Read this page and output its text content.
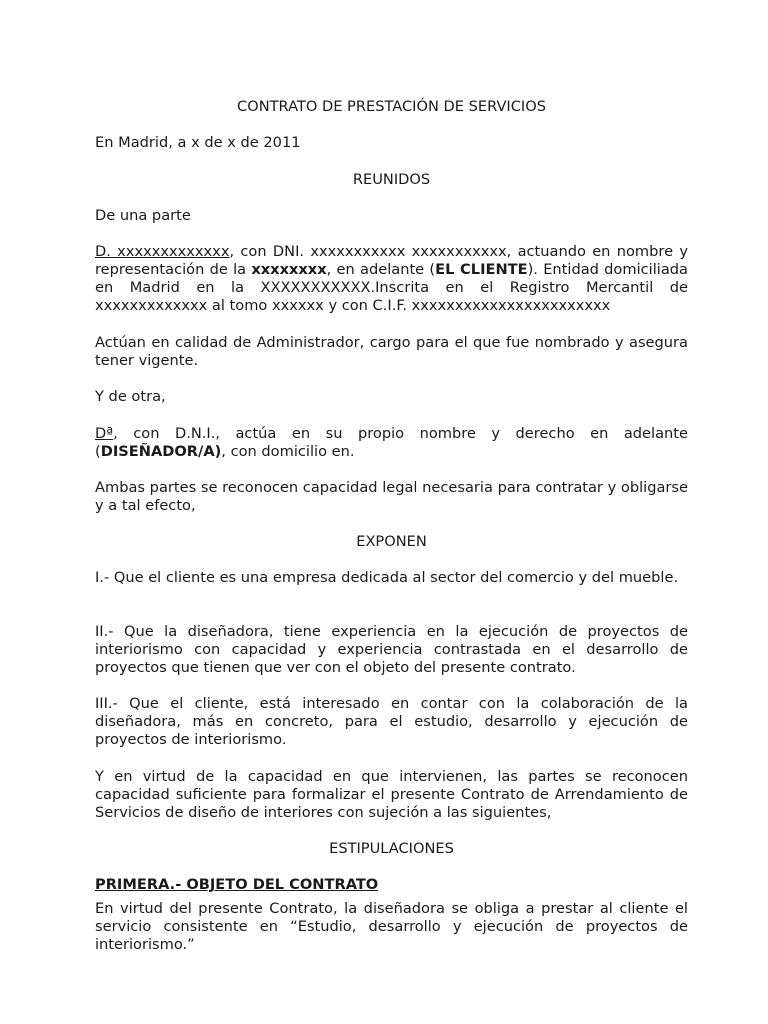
CONTRATO DE PRESTACIÓN DE SERVICIOS
En Madrid, a x de x de 2011
REUNIDOS
De una parte

D. xxxxxxxxxxxxx, con DNI. xxxxxxxxxxx xxxxxxxxxxx, actuando en nombre y representación de la xxxxxxxx, en adelante (EL CLIENTE). Entidad domiciliada en Madrid en la XXXXXXXXXXX.Inscrita en el Registro Mercantil de xxxxxxxxxxxxx al tomo xxxxxx y con C.I.F. xxxxxxxxxxxxxxxxxxxxxxx

Actúan en calidad de Administrador, cargo para el que fue nombrado y asegura tener vigente.

Y de otra,

Dª, con D.N.I., actúa en su propio nombre y derecho en adelante (DISEÑADOR/A), con domicilio en.

Ambas partes se reconocen capacidad legal necesaria para contratar y obligarse y a tal efecto,

EXPONEN

I.- Que el cliente es una empresa dedicada al sector del comercio y del mueble.

II.- Que la diseñadora, tiene experiencia en la ejecución de proyectos de interiorismo con capacidad y experiencia contrastada en el desarrollo de proyectos que tienen que ver con el objeto del presente contrato.

III.- Que el cliente, está interesado en contar con la colaboración de la diseñadora, más en concreto, para el estudio, desarrollo y ejecución de proyectos de interiorismo.

Y en virtud de la capacidad en que intervienen, las partes se reconocen capacidad suficiente para formalizar el presente Contrato de Arrendamiento de Servicios de diseño de interiores con sujeción a las siguientes,

ESTIPULACIONES
PRIMERA.- OBJETO DEL CONTRATO

En virtud del presente Contrato, la diseñadora se obliga a prestar al cliente el servicio consistente en “Estudio, desarrollo y ejecución de proyectos de interiorismo.”
